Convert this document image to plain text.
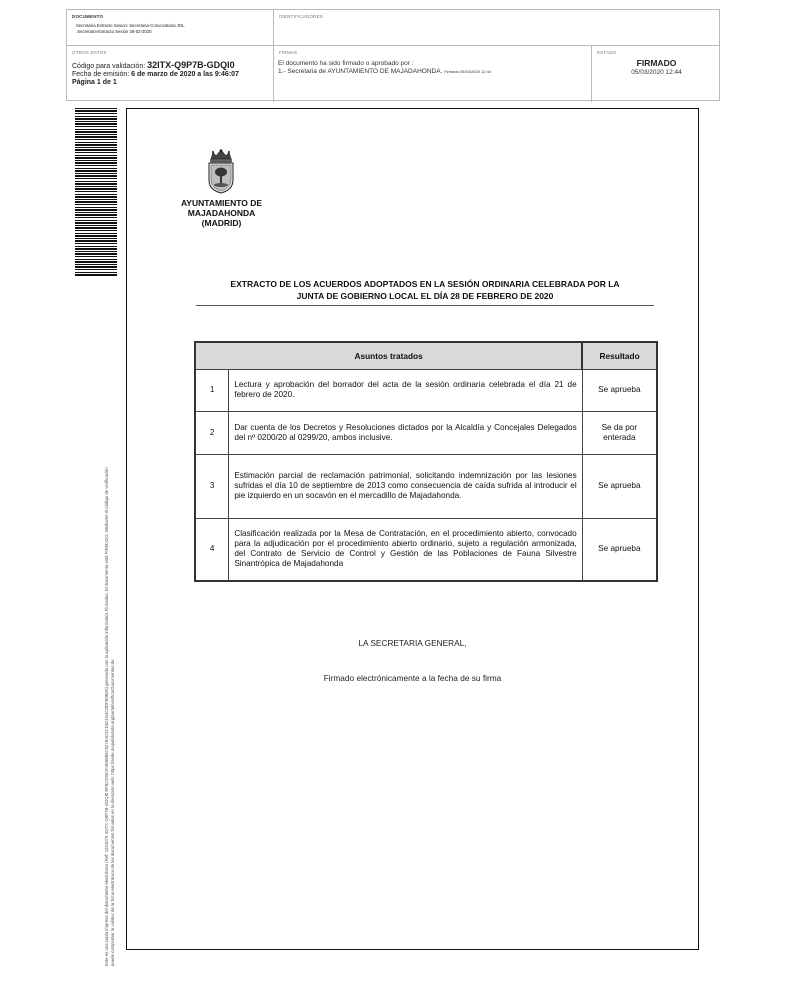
DOCUMENTO
Secretaria Extracto Sesion: Secretaria-Convocatoria JGL
.Secretaria-Extracto Sesión 28-02-2020
IDENTIFICADORES
OTROS DATOS
Código para validación: 32ITX-Q9P7B-GDQI0
Fecha de emisión: 6 de marzo de 2020 a las 9:46:07
Página 1 de 1
FIRMAS
El documento ha sido firmado o aprobado por :
1.- Secretaria de AYUNTAMIENTO DE MAJADAHONDA. Firmado 05/03/2020 12:44
ESTADO
FIRMADO
05/03/2020 12:44
Este es una copia impresa del documento electrónico (Ref: 1331079 32ITX-Q9P7B-GDQI0 EF8CD9E1F4E6009C5278AD1CD621D4C0DFE0B25) generada con la aplicación informática Firmadoc. El documento está FIRMADO. Mediante el código de verificación puede comprobar la validez de la firma electrónica de los documentos firmados en la dirección web: https://sede.majadahonda.org/portal/verificarDocumentos.do
AYUNTAMIENTO DE
MAJADAHONDA
(MADRID)
EXTRACTO DE LOS ACUERDOS ADOPTADOS EN LA SESIÓN ORDINARIA CELEBRADA POR LA
JUNTA DE GOBIERNO LOCAL EL DÍA 28 DE FEBRERO DE 2020
Asuntos tratados		Resultado
1	Lectura y aprobación del borrador del acta de la sesión ordinaria celebrada el día 21 de febrero de 2020.	Se aprueba
2	Dar cuenta de los Decretos y Resoluciones dictados por la Alcaldía y Concejales Delegados del nº 0200/20 al 0299/20, ambos inclusive.	Se da por enterada
3	Estimación parcial de reclamación patrimonial, solicitando indemnización por las lesiones sufridas el día 10 de septiembre de 2013 como consecuencia de caída sufrida al introducir el pie izquierdo en un socavón en el mercadillo de Majadahonda.	Se aprueba
4	Clasificación realizada por la Mesa de Contratación, en el procedimiento abierto, convocado para la adjudicación por el procedimiento abierto ordinario, sujeto a regulación armonizada, del Contrato de Servicio de Control y Gestión de las Poblaciones de Fauna Silvestre Sinantrópica de Majadahonda	Se aprueba
LA SECRETARIA GENERAL,
Firmado electrónicamente a la fecha de su firma
